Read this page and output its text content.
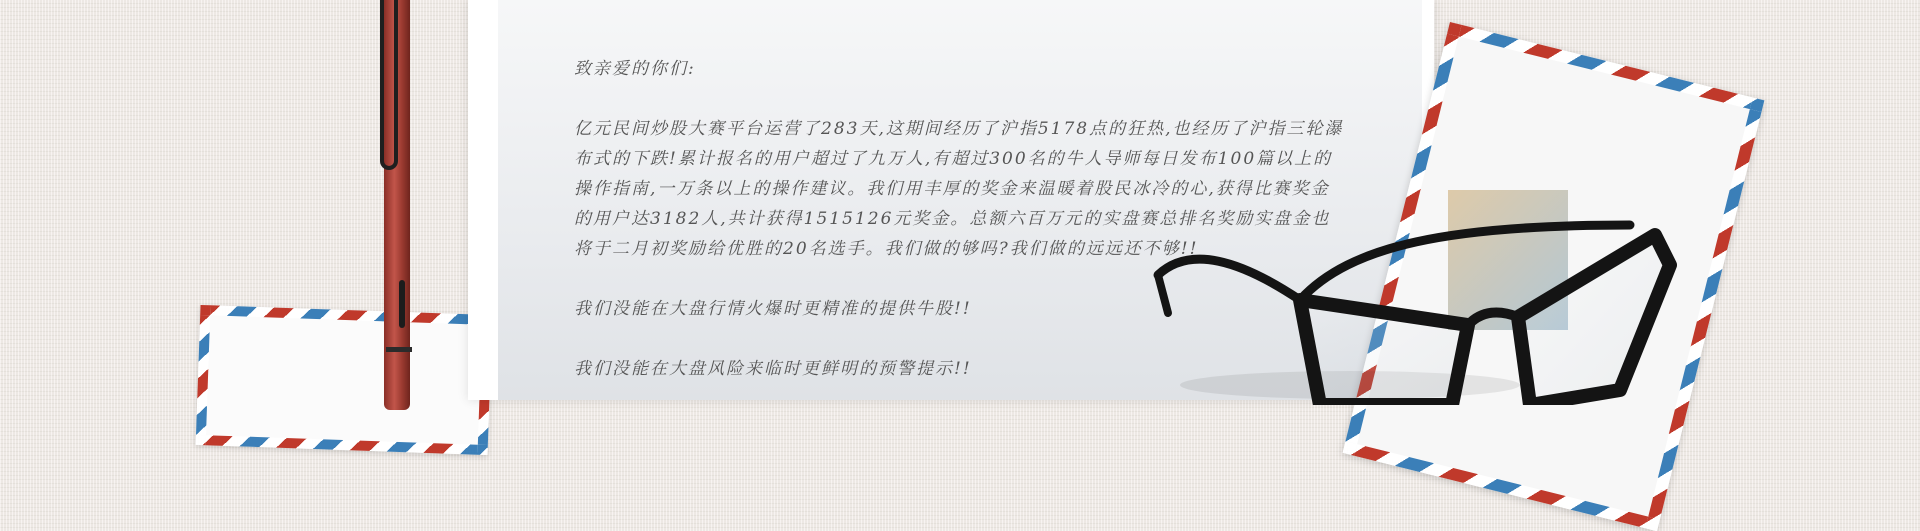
致亲爱的你们:

亿元民间炒股大赛平台运营了283天,这期间经历了沪指5178点的狂热,也经历了沪指三轮瀑布式的下跌!累计报名的用户超过了九万人,有超过300名的牛人导师每日发布100篇以上的操作指南,一万条以上的操作建议。我们用丰厚的奖金来温暖着股民冰冷的心,获得比赛奖金的用户达3182人,共计获得1515126元奖金。总额六百万元的实盘赛总排名奖励实盘金也将于二月初奖励给优胜的20名选手。我们做的够吗?我们做的远远还不够!!

我们没能在大盘行情火爆时更精准的提供牛股!!

我们没能在大盘风险来临时更鲜明的预警提示!!
